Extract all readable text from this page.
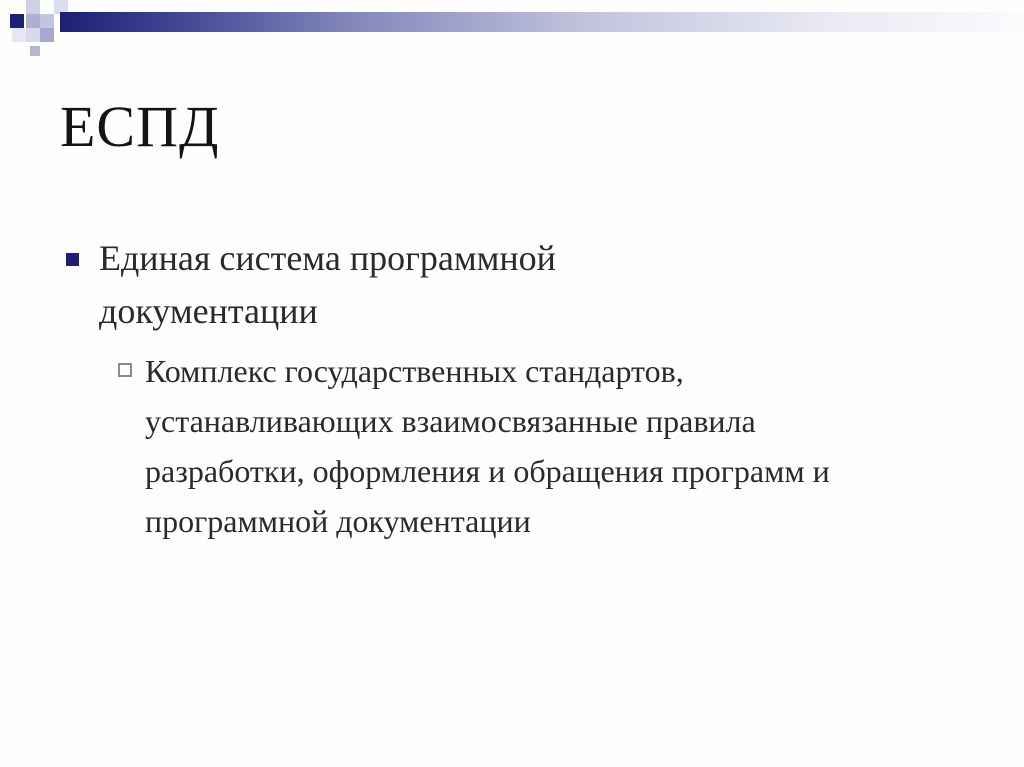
ЕСПД
Единая система программной документации
Комплекс государственных стандартов, устанавливающих взаимосвязанные правила разработки, оформления и обращения программ и программной документации
